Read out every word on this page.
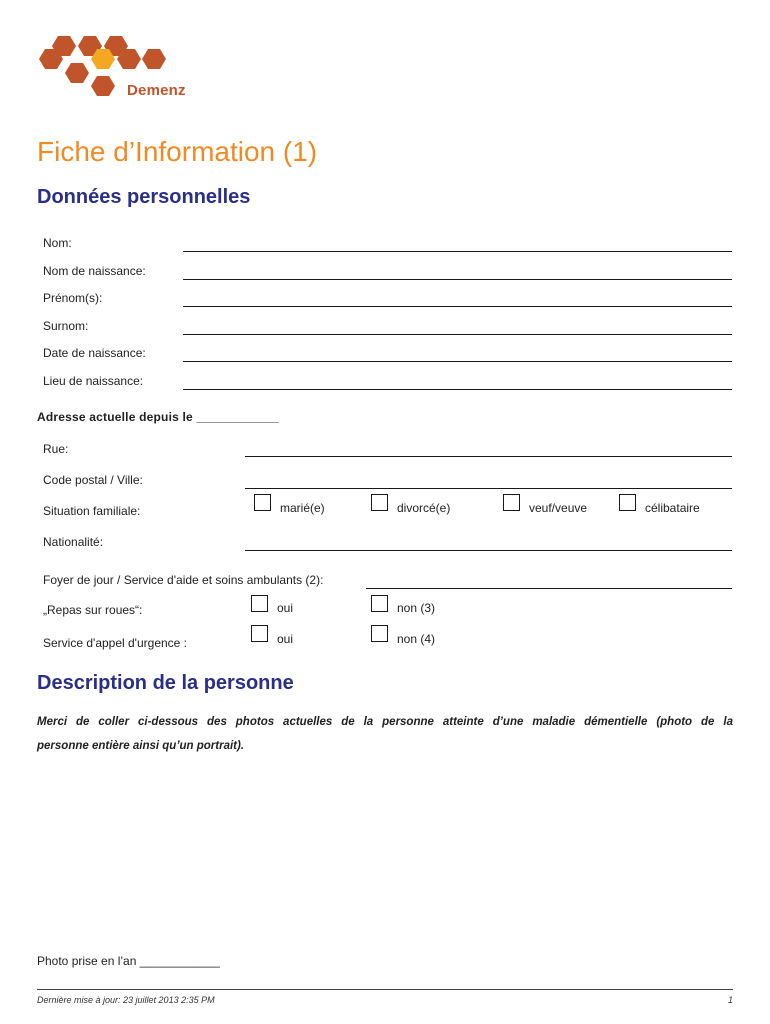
Demenz
Fiche d’Information (1)
Données personnelles
Nom:
Nom de naissance:
Prénom(s):
Surnom:
Date de naissance:
Lieu de naissance:
Adresse actuelle depuis le ____________
Rue:
Code postal / Ville:
Situation familiale:	marié(e)	divorcé(e)	veuf/veuve	célibataire
Nationalité:
Foyer de jour / Service d'aide et soins ambulants (2):
„Repas sur roues“:	oui	non (3)
Service d'appel d'urgence :	oui	non (4)
Description de la personne
Merci de coller ci-dessous des photos actuelles de la personne atteinte d’une maladie démentielle (photo de la
personne entière ainsi qu’un portrait).
Photo prise en l’an ____________
Dernière mise à jour: 23 juillet 2013 2:35 PM	1
